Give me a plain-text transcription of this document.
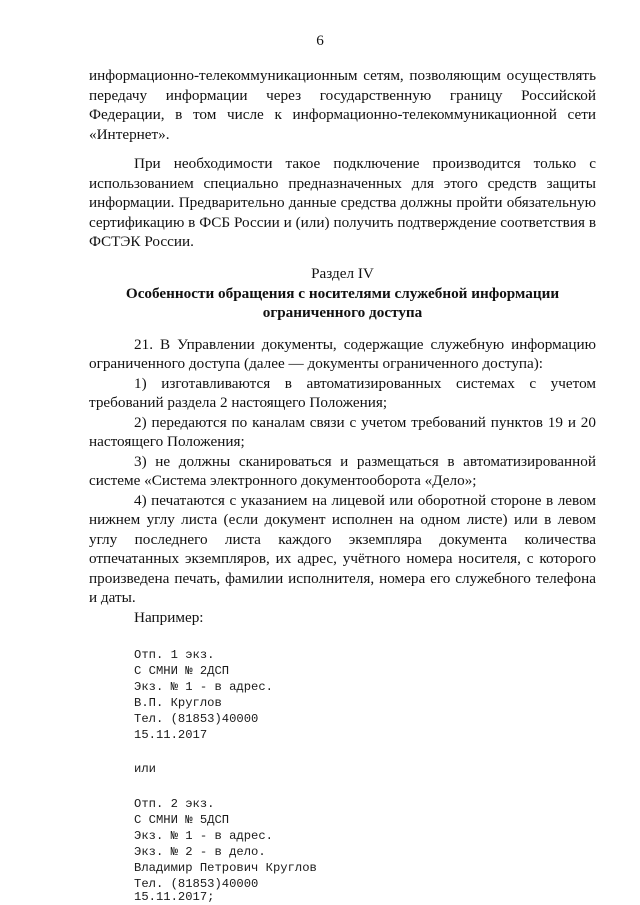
6
информационно-телекоммуникационным сетям, позволяющим осуществлять
передачу информации через государственную границу Российской
Федерации, в том числе к информационно-телекоммуникационной сети
«Интернет».
При необходимости такое подключение производится только с
использованием специально предназначенных для этого средств защиты
информации. Предварительно данные средства должны пройти обязательную
сертификацию в ФСБ России и (или) получить подтверждение соответствия в
ФСТЭК России.
Раздел IV
Особенности обращения с носителями служебной информации
ограниченного доступа
21. В Управлении документы, содержащие служебную информацию
ограниченного доступа (далее — документы ограниченного доступа):
1) изготавливаются в автоматизированных системах с учетом
требований раздела 2 настоящего Положения;
2) передаются по каналам связи с учетом требований пунктов 19 и 20
настоящего Положения;
3) не должны сканироваться и размещаться в автоматизированной
системе «Система электронного документооборота «Дело»;
4) печатаются с указанием на лицевой или оборотной стороне в левом
нижнем углу листа (если документ исполнен на одном листе) или в левом
углу последнего листа каждого экземпляра документа количества
отпечатанных экземпляров, их адрес, учётного номера носителя, с которого
произведена печать, фамилии исполнителя, номера его служебного телефона
и даты.
Например:
Отп. 1 экз.
С СМНИ № 2ДСП
Экз. № 1 - в адрес.
В.П. Круглов
Тел. (81853)40000
15.11.2017
или
Отп. 2 экз.
С СМНИ № 5ДСП
Экз. № 1 - в адрес.
Экз. № 2 - в дело.
Владимир Петрович Круглов
Тел. (81853)40000
15.11.2017;
